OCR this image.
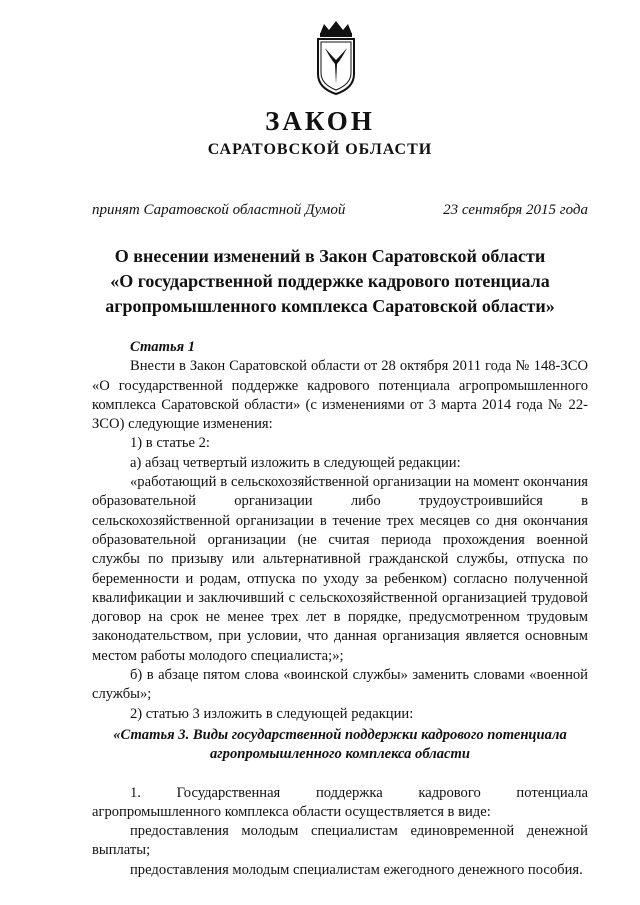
ЗАКОН
САРАТОВСКОЙ ОБЛАСТИ
принят Саратовской областной Думой	23 сентября 2015 года
О внесении изменений в Закон Саратовской области
«О государственной поддержке кадрового потенциала
агропромышленного комплекса Саратовской области»

Статья 1

Внести в Закон Саратовской области от 28 октября 2011 года № 148-ЗСО «О государственной поддержке кадрового потенциала агропромышленного комплекса Саратовской области» (с изменениями от 3 марта 2014 года № 22-ЗСО) следующие изменения:

1) в статье 2:

а) абзац четвертый изложить в следующей редакции:

«работающий в сельскохозяйственной организации на момент окончания образовательной организации либо трудоустроившийся в сельскохозяйственной организации в течение трех месяцев со дня окончания образовательной организации (не считая периода прохождения военной службы по призыву или альтернативной гражданской службы, отпуска по беременности и родам, отпуска по уходу за ребенком) согласно полученной квалификации и заключивший с сельскохозяйственной организацией трудовой договор на срок не менее трех лет в порядке, предусмотренном трудовым законодательством, при условии, что данная организация является основным местом работы молодого специалиста;»;

б) в абзаце пятом слова «воинской службы» заменить словами «военной службы»;

2) статью 3 изложить в следующей редакции:

«Статья 3. Виды государственной поддержки кадрового потенциала агропромышленного комплекса области

1. Государственная поддержка кадрового потенциала агропромышленного комплекса области осуществляется в виде:

предоставления молодым специалистам единовременной денежной выплаты;

предоставления молодым специалистам ежегодного денежного пособия.
